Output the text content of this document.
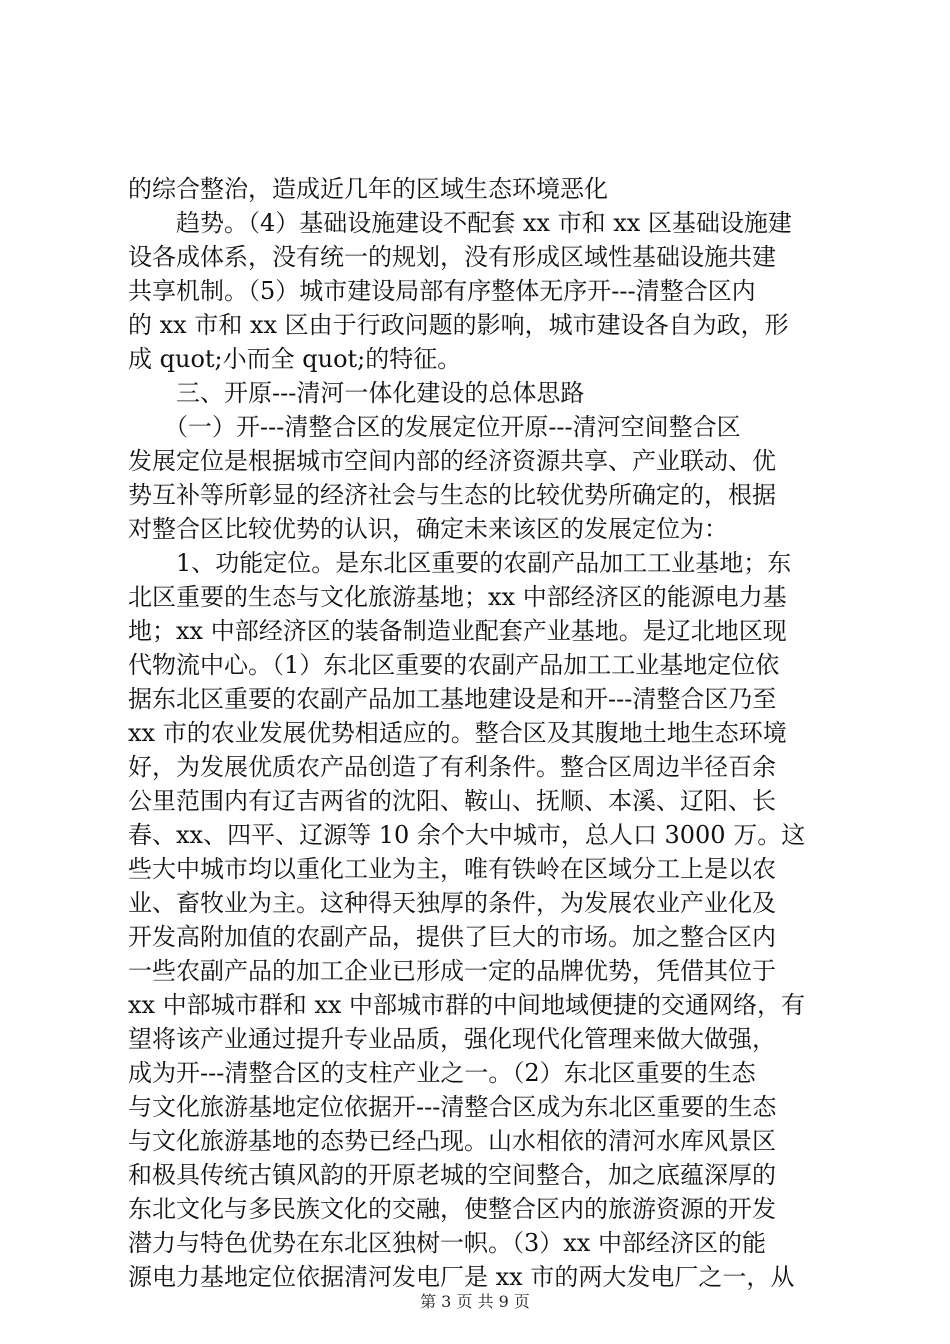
的综合整治，造成近几年的区域生态环境恶化
　　趋势。（4）基础设施建设不配套 xx 市和 xx 区基础设施建
设各成体系，没有统一的规划，没有形成区域性基础设施共建
共享机制。（5）城市建设局部有序整体无序开---清整合区内
的 xx 市和 xx 区由于行政问题的影响，城市建设各自为政，形
成 quot;小而全 quot;的特征。
　　三、开原---清河一体化建设的总体思路
　　（一）开---清整合区的发展定位开原---清河空间整合区
发展定位是根据城市空间内部的经济资源共享、产业联动、优
势互补等所彰显的经济社会与生态的比较优势所确定的，根据
对整合区比较优势的认识，确定未来该区的发展定位为：
　　1、功能定位。是东北区重要的农副产品加工工业基地；东
北区重要的生态与文化旅游基地；xx 中部经济区的能源电力基
地；xx 中部经济区的装备制造业配套产业基地。是辽北地区现
代物流中心。（1）东北区重要的农副产品加工工业基地定位依
据东北区重要的农副产品加工基地建设是和开---清整合区乃至
xx 市的农业发展优势相适应的。整合区及其腹地土地生态环境
好，为发展优质农产品创造了有利条件。整合区周边半径百余
公里范围内有辽吉两省的沈阳、鞍山、抚顺、本溪、辽阳、长
春、xx、四平、辽源等 10 余个大中城市，总人口 3000 万。这
些大中城市均以重化工业为主，唯有铁岭在区域分工上是以农
业、畜牧业为主。这种得天独厚的条件，为发展农业产业化及
开发高附加值的农副产品，提供了巨大的市场。加之整合区内
一些农副产品的加工企业已形成一定的品牌优势，凭借其位于
xx 中部城市群和 xx 中部城市群的中间地域便捷的交通网络，有
望将该产业通过提升专业品质，强化现代化管理来做大做强，
成为开---清整合区的支柱产业之一。（2）东北区重要的生态
与文化旅游基地定位依据开---清整合区成为东北区重要的生态
与文化旅游基地的态势已经凸现。山水相依的清河水库风景区
和极具传统古镇风韵的开原老城的空间整合，加之底蕴深厚的
东北文化与多民族文化的交融，使整合区内的旅游资源的开发
潜力与特色优势在东北区独树一帜。（3）xx 中部经济区的能
源电力基地定位依据清河发电厂是 xx 市的两大发电厂之一，从
第 3 页 共 9 页
